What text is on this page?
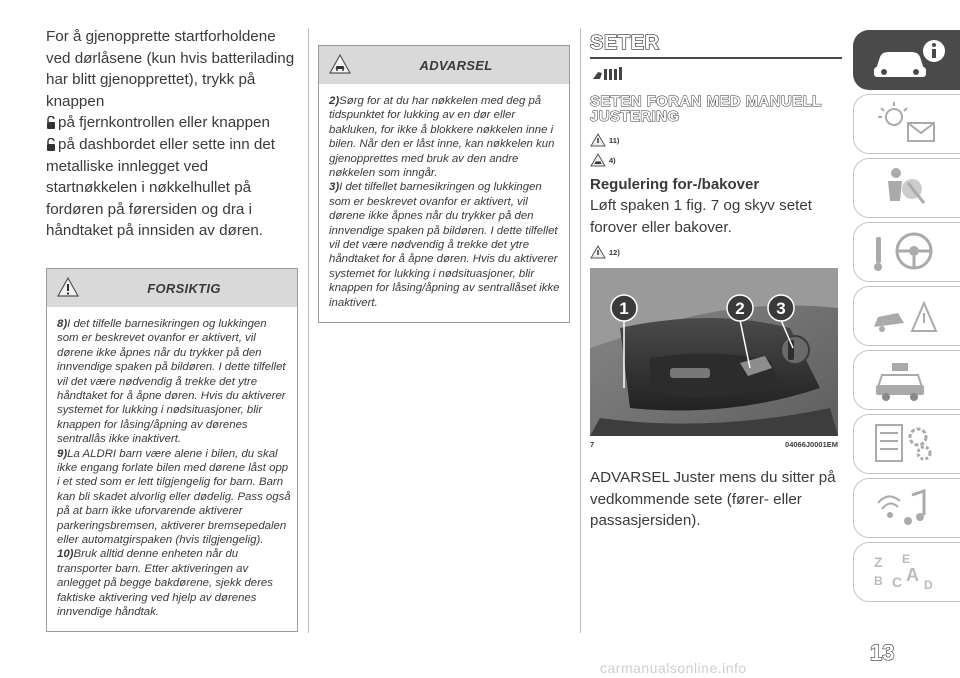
For å gjenopprette startforholdene ved dørlåsene (kun hvis batterilading har blitt gjenopprettet), trykk på knappen
på fjernkontrollen eller knappen
på dashbordet eller sette inn det metalliske innlegget ved startnøkkelen i nøkkelhullet på fordøren på førersiden og dra i håndtaket på innsiden av døren.

FORSIKTIG

8)I det tilfelle barnesikringen og lukkingen som er beskrevet ovanfor er aktivert, vil dørene ikke åpnes når du trykker på den innvendige spaken på bildøren. I dette tilfellet vil det være nødvendig å trekke det ytre håndtaket for å åpne døren. Hvis du aktiverer systemet for lukking i nødsituasjoner, blir knappen for låsing/åpning av dørenes sentrallås ikke inaktivert.

9)La ALDRI barn være alene i bilen, du skal ikke engang forlate bilen med dørene låst opp i et sted som er lett tilgjengelig for barn. Barn kan bli skadet alvorlig eller dødelig. Pass også på at barn ikke uforvarende aktiverer parkeringsbremsen, aktiverer bremsepedalen eller automatgirspaken (hvis tilgjengelig).

10)Bruk alltid denne enheten når du transporter barn. Etter aktiveringen av anlegget på begge bakdørene, sjekk deres faktiske aktivering ved hjelp av dørenes innvendige håndtak.

ADVARSEL

2)Sørg for at du har nøkkelen med deg på tidspunktet for lukking av en dør eller bakluken, for ikke å blokkere nøkkelen inne i bilen. Når den er låst inne, kan nøkkelen kun gjenopprettes med bruk av den andre nøkkelen som inngår.

3)I det tilfellet barnesikringen og lukkingen som er beskrevet ovanfor er aktivert, vil dørene ikke åpnes når du trykker på den innvendige spaken på bildøren. I dette tilfellet vil det være nødvendig å trekke det ytre håndtaket for å åpne døren. Hvis du aktiverer systemet for lukking i nødsituasjoner, blir knappen for låsing/åpning av sentrallåset ikke inaktivert.

SETER
SETEN FORAN MED MANUELL JUSTERING
11)
4)
Regulering for-/bakover

Løft spaken 1 fig. 7 og skyv setet forover eller bakover.

12)
1	2 3
7	04066J0001EM

ADVARSEL Juster mens du sitter på vedkommende sete (fører- eller passasjersiden).

Z E
B C A D
13
carmanualsonline.info
